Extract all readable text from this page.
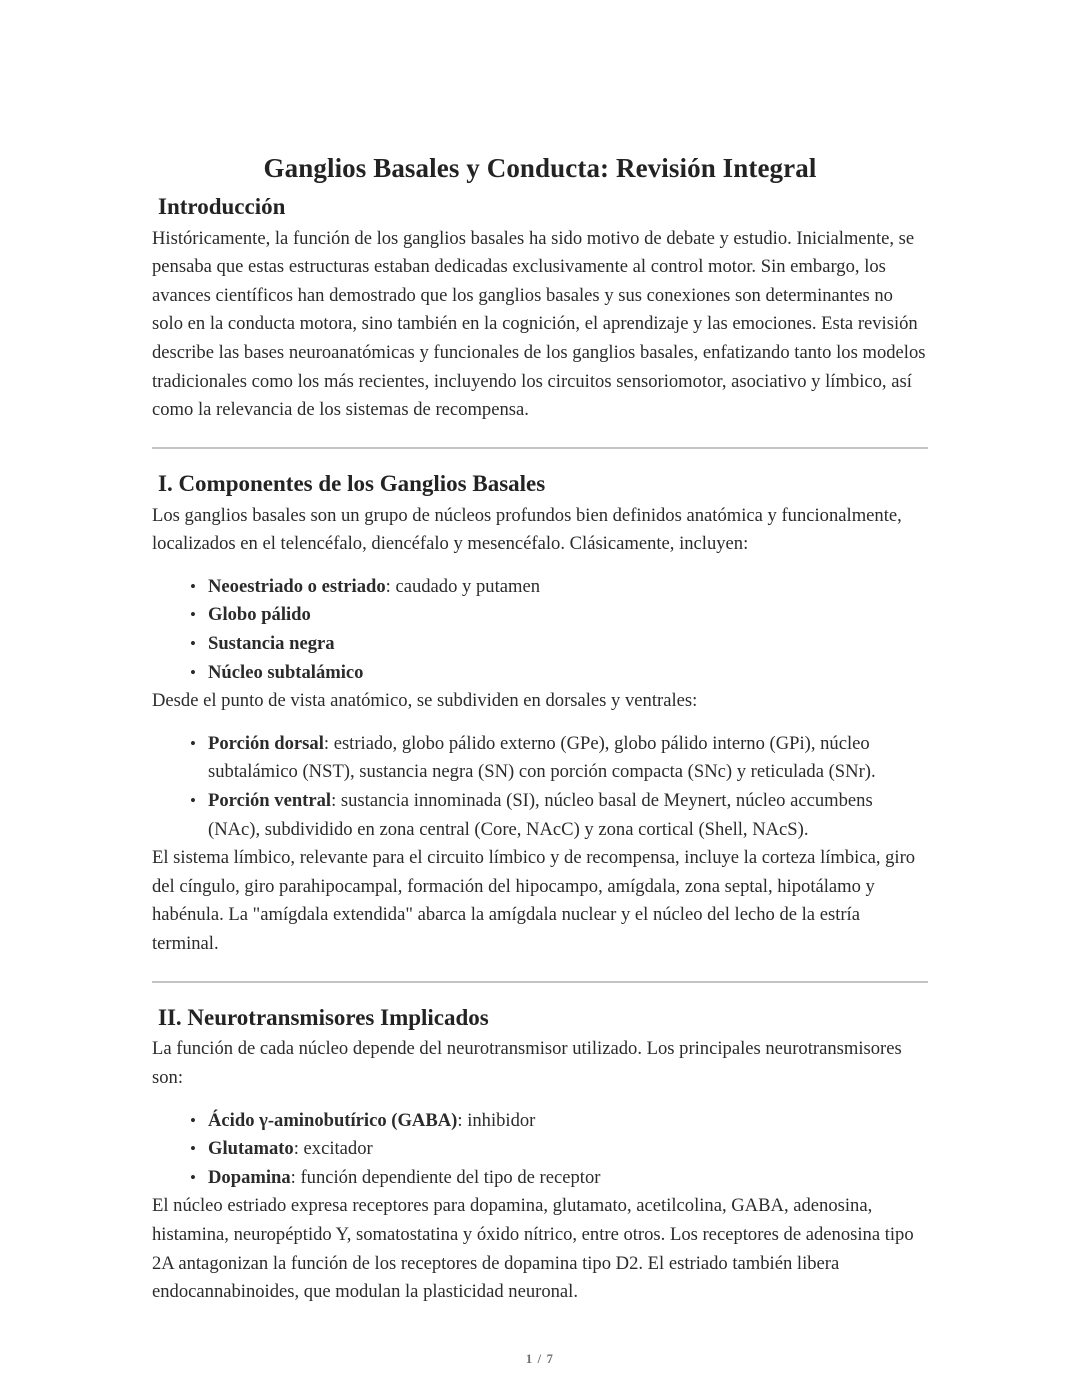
Ganglios Basales y Conducta: Revisión Integral
Introducción

Históricamente, la función de los ganglios basales ha sido motivo de debate y estudio. Inicialmente, se pensaba que estas estructuras estaban dedicadas exclusivamente al control motor. Sin embargo, los avances científicos han demostrado que los ganglios basales y sus conexiones son determinantes no solo en la conducta motora, sino también en la cognición, el aprendizaje y las emociones. Esta revisión describe las bases neuroanatómicas y funcionales de los ganglios basales, enfatizando tanto los modelos tradicionales como los más recientes, incluyendo los circuitos sensoriomotor, asociativo y límbico, así como la relevancia de los sistemas de recompensa.

I. Componentes de los Ganglios Basales

Los ganglios basales son un grupo de núcleos profundos bien definidos anatómica y funcionalmente, localizados en el telencéfalo, diencéfalo y mesencéfalo. Clásicamente, incluyen:

• Neoestriado o estriado: caudado y putamen
• Globo pálido
• Sustancia negra
• Núcleo subtalámico

Desde el punto de vista anatómico, se subdividen en dorsales y ventrales:

• Porción dorsal: estriado, globo pálido externo (GPe), globo pálido interno (GPi), núcleo subtalámico (NST), sustancia negra (SN) con porción compacta (SNc) y reticulada (SNr).
• Porción ventral: sustancia innominada (SI), núcleo basal de Meynert, núcleo accumbens (NAc), subdividido en zona central (Core, NAcC) y zona cortical (Shell, NAcS).

El sistema límbico, relevante para el circuito límbico y de recompensa, incluye la corteza límbica, giro del cíngulo, giro parahipocampal, formación del hipocampo, amígdala, zona septal, hipotálamo y habénula. La "amígdala extendida" abarca la amígdala nuclear y el núcleo del lecho de la estría terminal.

II. Neurotransmisores Implicados

La función de cada núcleo depende del neurotransmisor utilizado. Los principales neurotransmisores son:

• Ácido γ-aminobutírico (GABA): inhibidor
• Glutamato: excitador
• Dopamina: función dependiente del tipo de receptor

El núcleo estriado expresa receptores para dopamina, glutamato, acetilcolina, GABA, adenosina, histamina, neuropéptido Y, somatostatina y óxido nítrico, entre otros. Los receptores de adenosina tipo 2A antagonizan la función de los receptores de dopamina tipo D2. El estriado también libera endocannabinoides, que modulan la plasticidad neuronal.

1 / 7
